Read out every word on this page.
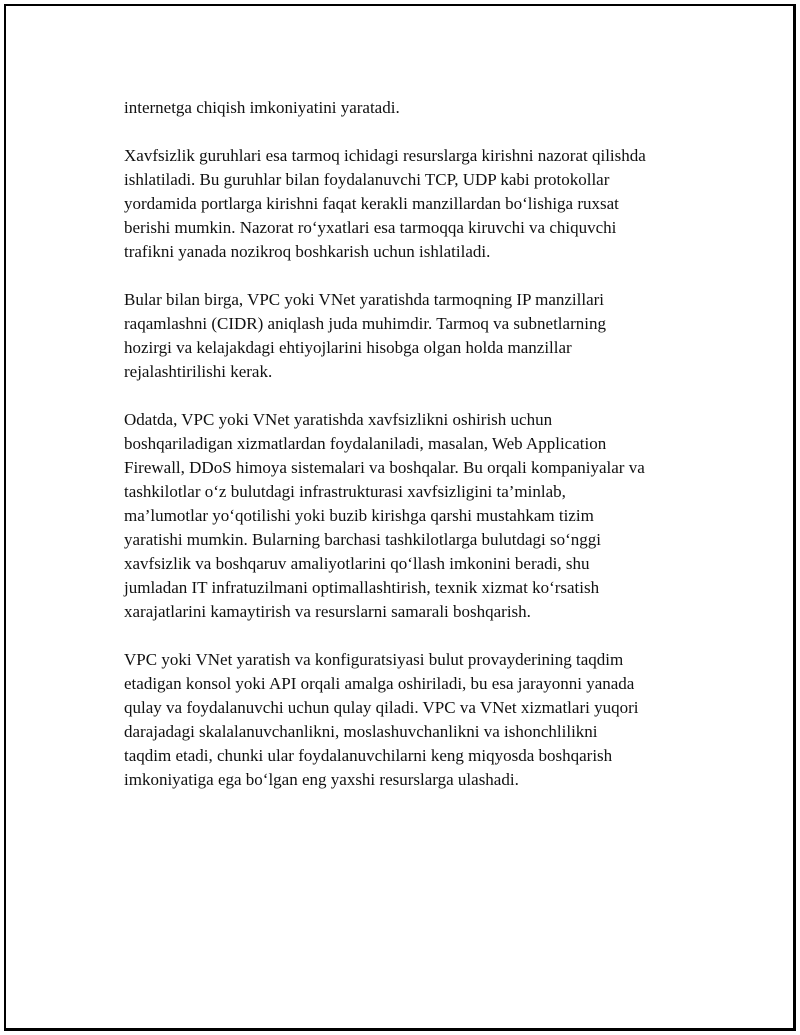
internetga chiqish imkoniyatini yaratadi.

Xavfsizlik guruhlari esa tarmoq ichidagi resurslarga kirishni nazorat qilishda
ishlatiladi. Bu guruhlar bilan foydalanuvchi TCP, UDP kabi protokollar
yordamida portlarga kirishni faqat kerakli manzillardan bo‘lishiga ruxsat
berishi mumkin. Nazorat ro‘yxatlari esa tarmoqqa kiruvchi va chiquvchi
trafikni yanada nozikroq boshkarish uchun ishlatiladi.

Bular bilan birga, VPC yoki VNet yaratishda tarmoqning IP manzillari
raqamlashni (CIDR) aniqlash juda muhimdir. Tarmoq va subnetlarning
hozirgi va kelajakdagi ehtiyojlarini hisobga olgan holda manzillar
rejalashtirilishi kerak.

Odatda, VPC yoki VNet yaratishda xavfsizlikni oshirish uchun
boshqariladigan xizmatlardan foydalaniladi, masalan, Web Application
Firewall, DDoS himoya sistemalari va boshqalar. Bu orqali kompaniyalar va
tashkilotlar o‘z bulutdagi infrastrukturasi xavfsizligini ta’minlab,
ma’lumotlar yo‘qotilishi yoki buzib kirishga qarshi mustahkam tizim
yaratishi mumkin. Bularning barchasi tashkilotlarga bulutdagi so‘nggi
xavfsizlik va boshqaruv amaliyotlarini qo‘llash imkonini beradi, shu
jumladan IT infratuzilmani optimallashtirish, texnik xizmat ko‘rsatish
xarajatlarini kamaytirish va resurslarni samarali boshqarish.

VPC yoki VNet yaratish va konfiguratsiyasi bulut provayderining taqdim
etadigan konsol yoki API orqali amalga oshiriladi, bu esa jarayonni yanada
qulay va foydalanuvchi uchun qulay qiladi. VPC va VNet xizmatlari yuqori
darajadagi skalalanuvchanlikni, moslashuvchanlikni va ishonchlilikni
taqdim etadi, chunki ular foydalanuvchilarni keng miqyosda boshqarish
imkoniyatiga ega bo‘lgan eng yaxshi resurslarga ulashadi.
